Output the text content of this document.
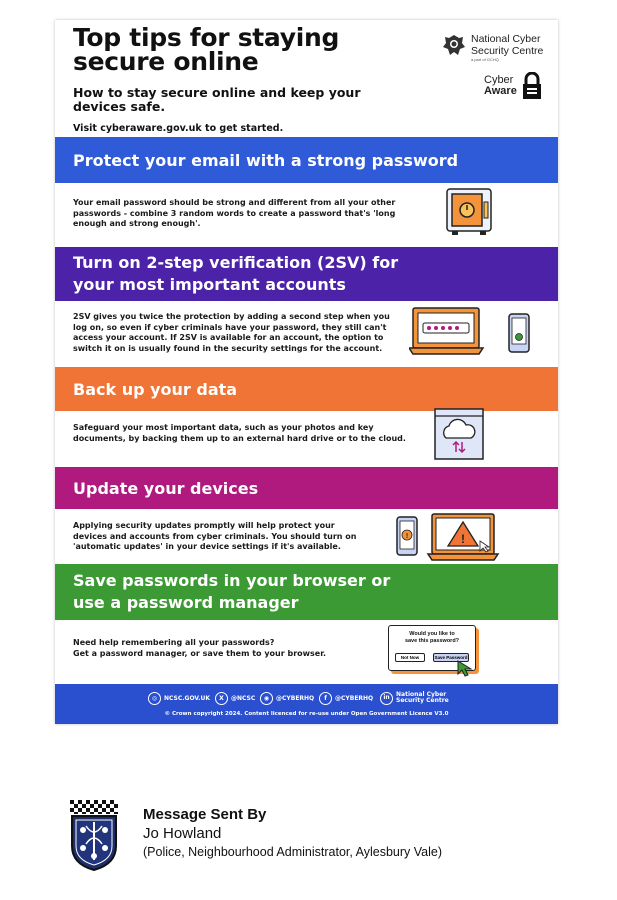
Top tips for staying
secure online
How to stay secure online and keep your
devices safe.
Visit cyberaware.gov.uk to get started.
National Cyber
Security Centre
a part of GCHQ
Cyber
Aware
Protect your email with a strong password
Your email password should be strong and different from all your other
passwords - combine 3 random words to create a password that's 'long
enough and strong enough'.
Turn on 2-step verification (2SV) for
your most important accounts
2SV gives you twice the protection by adding a second step when you
log on, so even if cyber criminals have your password, they still can't
access your account. If 2SV is available for an account, the option to
switch it on is usually found in the security settings for the account.
Back up your data
Safeguard your most important data, such as your photos and key
documents, by backing them up to an external hard drive or to the cloud.
Update your devices
Applying security updates promptly will help protect your
devices and accounts from cyber criminals. You should turn on
'automatic updates' in your device settings if it's available.
!	!
Save passwords in your browser or
use a password manager
Need help remembering all your passwords?
Get a password manager, or save them to your browser.
Would you like to
save this password?
Not Now	Save Password
◎	NCSC.GOV.UK	X	@NCSC	◉	@CYBERHQ	f	@CYBERHQ	in	National Cyber
Security Centre
© Crown copyright 2024. Content licenced for re-use under Open Government Licence V3.0
Message Sent By
Jo Howland
(Police, Neighbourhood Administrator, Aylesbury Vale)
